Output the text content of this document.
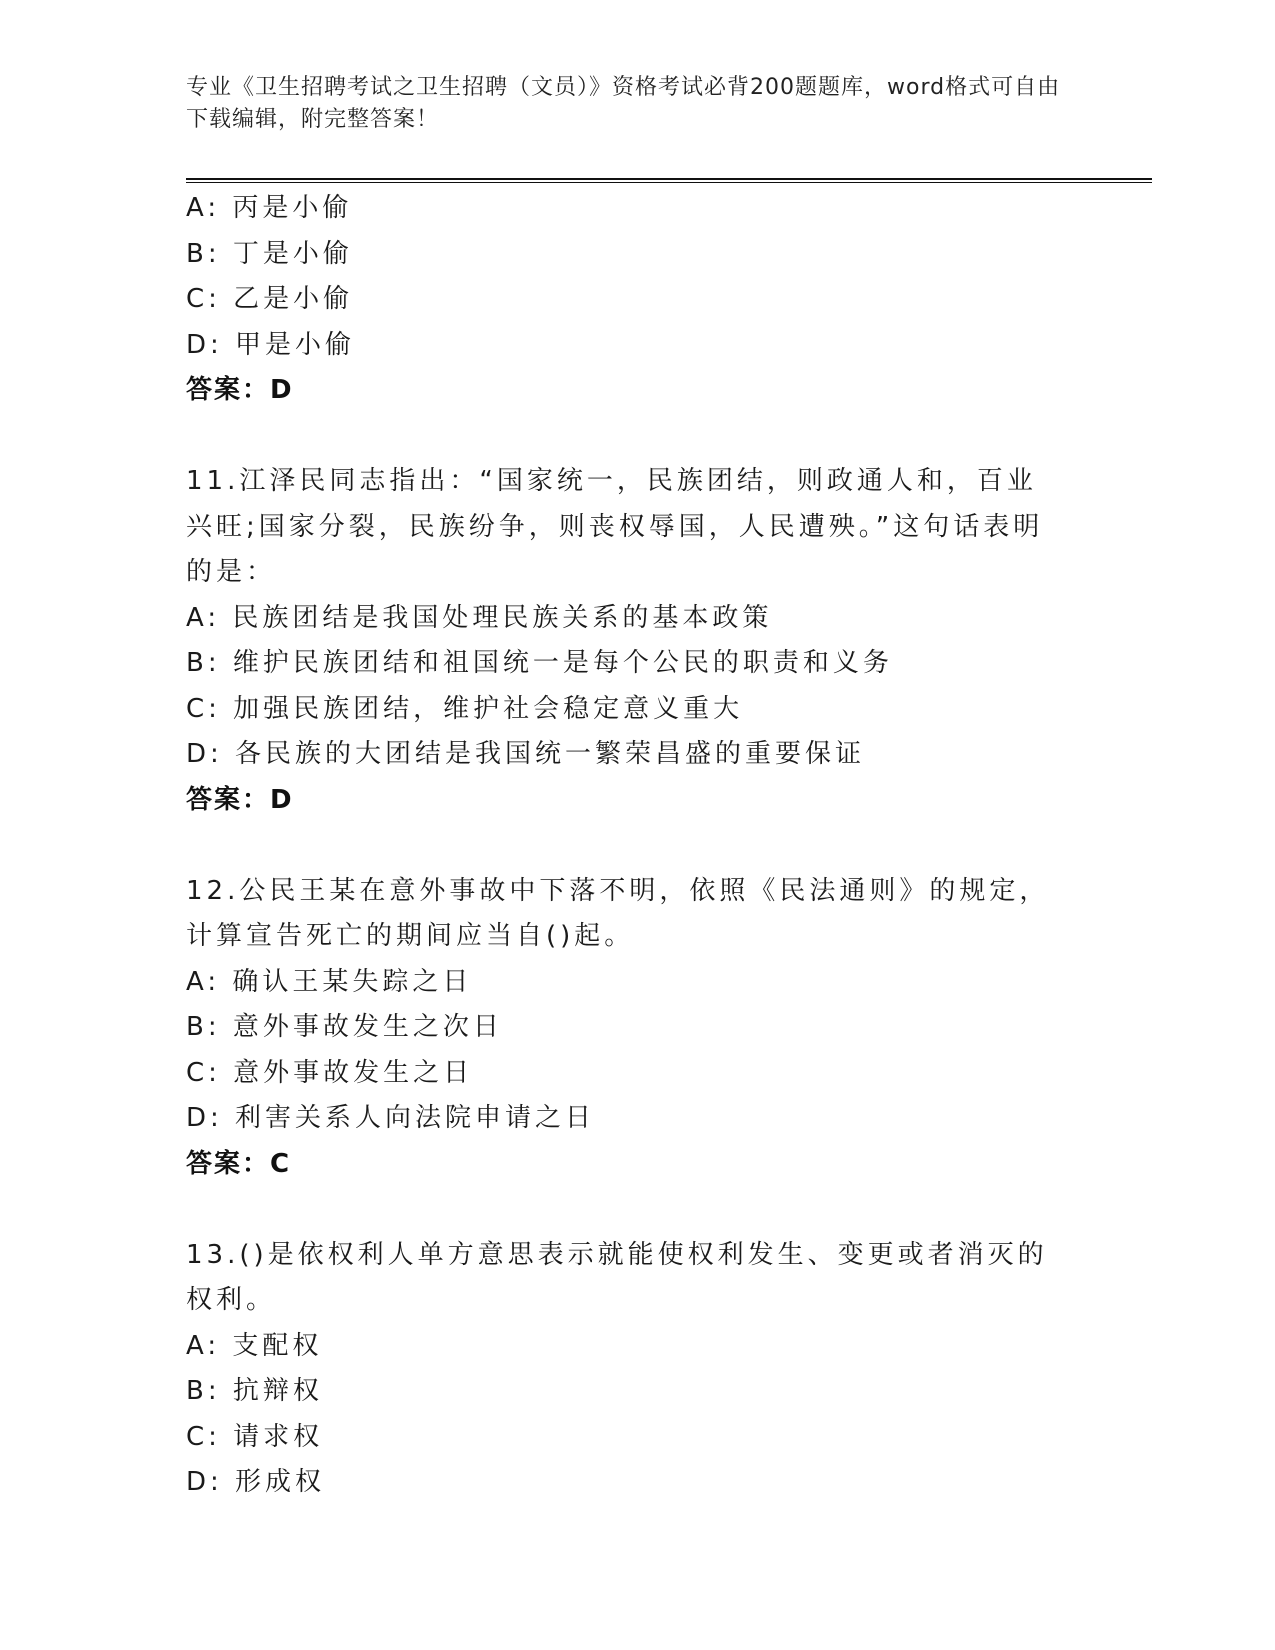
专业《卫生招聘考试之卫生招聘（文员）》资格考试必背200题题库，word格式可自由下载编辑，附完整答案！
A: 丙是小偷
B: 丁是小偷
C: 乙是小偷
D: 甲是小偷
答案：D
11.江泽民同志指出：“国家统一，民族团结，则政通人和，百业兴旺;国家分裂，民族纷争，则丧权辱国，人民遭殃。”这句话表明的是：
A: 民族团结是我国处理民族关系的基本政策
B: 维护民族团结和祖国统一是每个公民的职责和义务
C: 加强民族团结，维护社会稳定意义重大
D: 各民族的大团结是我国统一繁荣昌盛的重要保证
答案：D
12.公民王某在意外事故中下落不明，依照《民法通则》的规定，计算宣告死亡的期间应当自()起。
A: 确认王某失踪之日
B: 意外事故发生之次日
C: 意外事故发生之日
D: 利害关系人向法院申请之日
答案：C
13.()是依权利人单方意思表示就能使权利发生、变更或者消灭的权利。
A: 支配权
B: 抗辩权
C: 请求权
D: 形成权
